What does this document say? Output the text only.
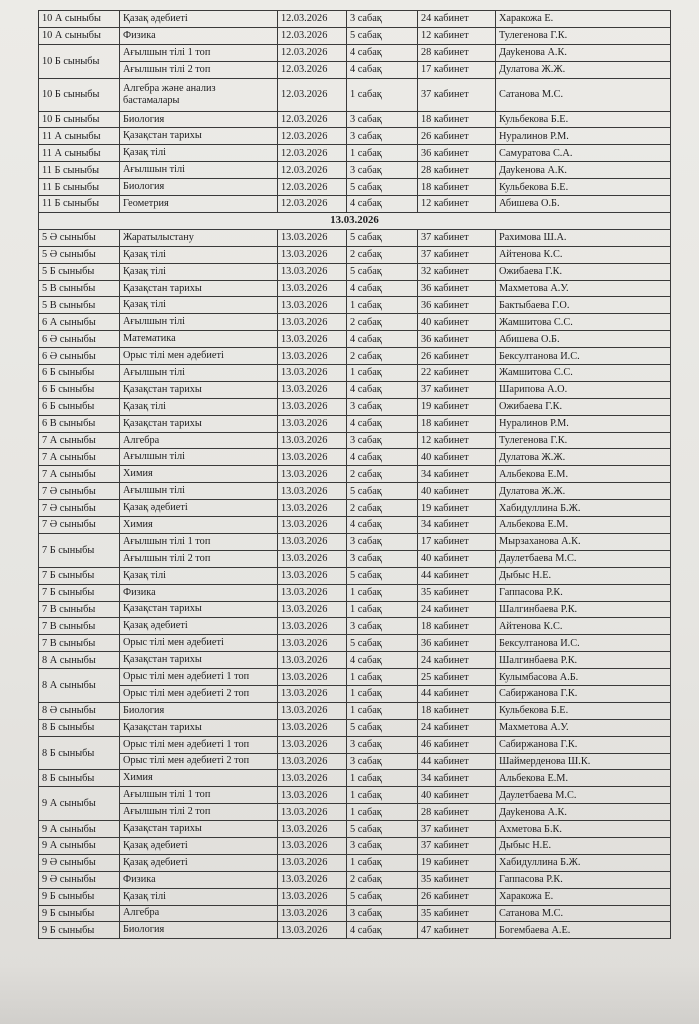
10 А сыныбы	Қазақ әдебиеті	12.03.2026	3 сабақ	24 кабинет	Харакожа Е.
10 А сыныбы	Физика	12.03.2026	5 сабақ	12 кабинет	Тулегенова Г.К.
10 Б сыныбы	Ағылшын тілі 1 топ	12.03.2026	4 сабақ	28 кабинет	Дауkенова А.К.

	Ағылшын тілі 2 топ	12.03.2026	4 сабақ	17 кабинет	Дулатова Ж.Ж.
10 Б сыныбы	Алгебра және анализ бастамалары	12.03.2026	1 сабақ	37 кабинет	Сатанова М.С.
10 Б сыныбы	Биология	12.03.2026	3 сабақ	18 кабинет	Кульбекова Б.Е.
11 А сыныбы	Қазақстан тарихы	12.03.2026	3 сабақ	26 кабинет	Нуралинов Р.М.
11 А сыныбы	Қазақ тілі	12.03.2026	1 сабақ	36 кабинет	Самуратова С.А.
11 Б сыныбы	Ағылшын тілі	12.03.2026	3 сабақ	28 кабинет	Дауkенова А.К.
11 Б сыныбы	Биология	12.03.2026	5 сабақ	18 кабинет	Кульбекова Б.Е.
11 Б сыныбы	Геометрия	12.03.2026	4 сабақ	12 кабинет	Абишева О.Б.
13.03.2026					
5 Ә сыныбы	Жаратылыстану	13.03.2026	5 сабақ	37 кабинет	Рахимова Ш.А.
5 Ә сыныбы	Қазақ тілі	13.03.2026	2 сабақ	37 кабинет	Айтенова К.С.
5 Б сыныбы	Қазақ тілі	13.03.2026	5 сабақ	32 кабинет	Ожибаева Г.К.
5 В сыныбы	Қазақстан тарихы	13.03.2026	4 сабақ	36 кабинет	Махметова А.У.
5 В сыныбы	Қазақ тілі	13.03.2026	1 сабақ	36 кабинет	Бактыбаева Г.О.
6 А сыныбы	Ағылшын тілі	13.03.2026	2 сабақ	40 кабинет	Жамшитова С.С.
6 Ә сыныбы	Математика	13.03.2026	4 сабақ	36 кабинет	Абишева О.Б.
6 Ә сыныбы	Орыс тілі мен әдебиеті	13.03.2026	2 сабақ	26 кабинет	Бексултанова И.С.
6 Б сыныбы	Ағылшын тілі	13.03.2026	1 сабақ	22 кабинет	Жамшитова С.С.
6 Б сыныбы	Қазақстан тарихы	13.03.2026	4 сабақ	37 кабинет	Шарипова А.О.
6 Б сыныбы	Қазақ тілі	13.03.2026	3 сабақ	19 кабинет	Ожибаева Г.К.
6 В сыныбы	Қазақстан тарихы	13.03.2026	4 сабақ	18 кабинет	Нуралинов Р.М.
7 А сыныбы	Алгебра	13.03.2026	3 сабақ	12 кабинет	Тулегенова Г.К.
7 А сыныбы	Ағылшын тілі	13.03.2026	4 сабақ	40 кабинет	Дулатова Ж.Ж.
7 А сыныбы	Химия	13.03.2026	2 сабақ	34 кабинет	Альбекова Е.М.
7 Ә сыныбы	Ағылшын тілі	13.03.2026	5 сабақ	40 кабинет	Дулатова Ж.Ж.
7 Ә сыныбы	Қазақ әдебиеті	13.03.2026	2 сабақ	19 кабинет	Хабидуллина Б.Ж.
7 Ә сыныбы	Химия	13.03.2026	4 сабақ	34 кабинет	Альбекова Е.М.
7 Б сыныбы	Ағылшын тілі 1 топ	13.03.2026	3 сабақ	17 кабинет	Мырзаханова А.К.

	Ағылшын тілі 2 топ	13.03.2026	3 сабақ	40 кабинет	Даулетбаева М.С.
7 Б сыныбы	Қазақ тілі	13.03.2026	5 сабақ	44 кабинет	Дыбыс Н.Е.
7 Б сыныбы	Физика	13.03.2026	1 сабақ	35 кабинет	Гаппасова Р.К.
7 В сыныбы	Қазақстан тарихы	13.03.2026	1 сабақ	24 кабинет	Шалгинбаева Р.К.
7 В сыныбы	Қазақ әдебиеті	13.03.2026	3 сабақ	18 кабинет	Айтенова К.С.
7 В сыныбы	Орыс тілі мен әдебиеті	13.03.2026	5 сабақ	36 кабинет	Бексултанова И.С.
8 А сыныбы	Қазақстан тарихы	13.03.2026	4 сабақ	24 кабинет	Шалгинбаева Р.К.
8 А сыныбы	Орыс тілі мен әдебиеті 1 топ	13.03.2026	1 сабақ	25 кабинет	Кулымбасова А.Б.

	Орыс тілі мен әдебиеті 2 топ	13.03.2026	1 сабақ	44 кабинет	Сабиржанова Г.К.
8 Ә сыныбы	Биология	13.03.2026	1 сабақ	18 кабинет	Кульбекова Б.Е.
8 Б сыныбы	Қазақстан тарихы	13.03.2026	5 сабақ	24 кабинет	Махметова А.У.
8 Б сыныбы	Орыс тілі мен әдебиеті 1 топ	13.03.2026	3 сабақ	46 кабинет	Сабиржанова Г.К.

	Орыс тілі мен әдебиеті 2 топ	13.03.2026	3 сабақ	44 кабинет	Шаймерденова Ш.К.
8 Б сыныбы	Химия	13.03.2026	1 сабақ	34 кабинет	Альбекова Е.М.
9 А сыныбы	Ағылшын тілі 1 топ	13.03.2026	1 сабақ	40 кабинет	Даулетбаева М.С.

	Ағылшын тілі 2 топ	13.03.2026	1 сабақ	28 кабинет	Дауkенова А.К.
9 А сыныбы	Қазақстан тарихы	13.03.2026	5 сабақ	37 кабинет	Ахметова Б.К.
9 А сыныбы	Қазақ әдебиеті	13.03.2026	3 сабақ	37 кабинет	Дыбыс Н.Е.
9 Ә сыныбы	Қазақ әдебиеті	13.03.2026	1 сабақ	19 кабинет	Хабидуллина Б.Ж.
9 Ә сыныбы	Физика	13.03.2026	2 сабақ	35 кабинет	Гаппасова Р.К.
9 Б сыныбы	Қазақ тілі	13.03.2026	5 сабақ	26 кабинет	Харакожа Е.
9 Б сыныбы	Алгебра	13.03.2026	3 сабақ	35 кабинет	Сатанова М.С.
9 Б сыныбы	Биология	13.03.2026	4 сабақ	47 кабинет	Богембаева А.Е.
